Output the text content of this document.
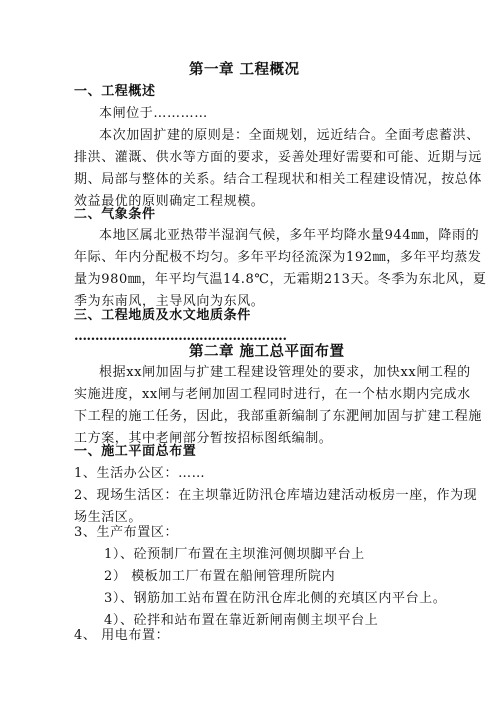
第一章 工程概况
一、工程概述
本闸位于…………
本次加固扩建的原则是：全面规划，远近结合。全面考虑蓄洪、
排洪、灌溉、供水等方面的要求，妥善处理好需要和可能、近期与远
期、局部与整体的关系。结合工程现状和相关工程建设情况，按总体
效益最优的原则确定工程规模。
二、气象条件
本地区属北亚热带半湿润气候，多年平均降水量944㎜，降雨的
年际、年内分配极不均匀。多年平均径流深为192㎜，多年平均蒸发
量为980㎜，年平均气温14.8℃，无霜期213天。冬季为东北风，夏
季为东南风，主导风向为东风。
三、工程地质及水文地质条件
……………………………………………
第二章 施工总平面布置
根据xx闸加固与扩建工程建设管理处的要求，加快xx闸工程的
实施进度，xx闸与老闸加固工程同时进行，在一个枯水期内完成水
下工程的施工任务，因此，我部重新编制了东淝闸加固与扩建工程施
工方案，其中老闸部分暂按招标图纸编制。
一、施工平面总布置
1、生活办公区：……
2、现场生活区：在主坝靠近防汛仓库墙边建活动板房一座，作为现
场生活区。
3、生产布置区：
1）、砼预制厂布置在主坝淮河侧坝脚平台上
2） 模板加工厂布置在船闸管理所院内
3）、钢筋加工站布置在防汛仓库北侧的充填区内平台上。
4）、砼拌和站布置在靠近新闸南侧主坝平台上
4、 用电布置：
